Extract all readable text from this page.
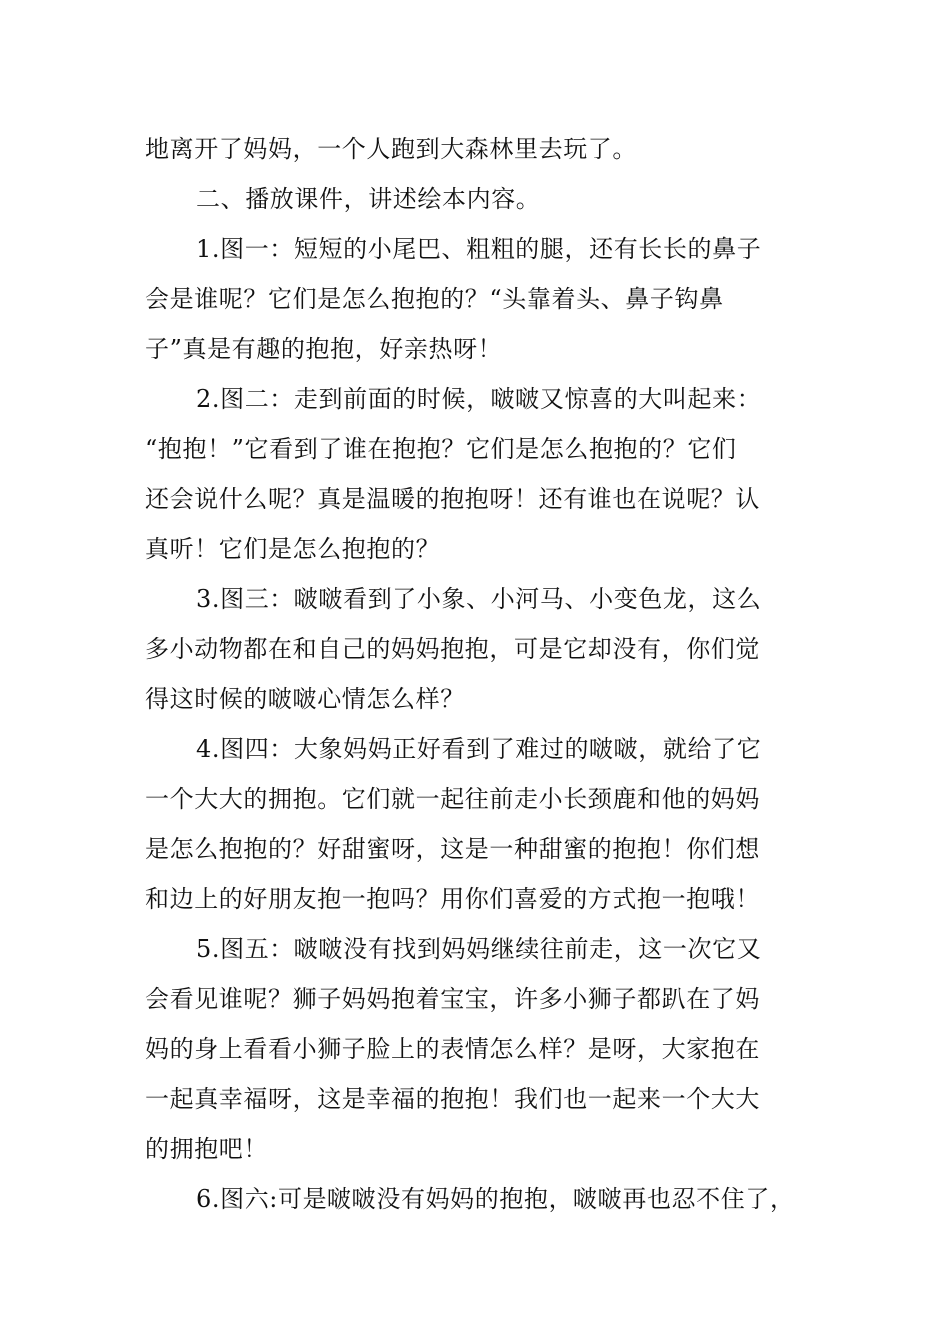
地离开了妈妈，一个人跑到大森林里去玩了。
二、播放课件，讲述绘本内容。
1.图一：短短的小尾巴、粗粗的腿，还有长长的鼻子
会是谁呢？它们是怎么抱抱的？“头靠着头、鼻子钩鼻
子”真是有趣的抱抱，好亲热呀！
2.图二：走到前面的时候，啵啵又惊喜的大叫起来：
“抱抱！”它看到了谁在抱抱？它们是怎么抱抱的？它们
还会说什么呢？真是温暖的抱抱呀！还有谁也在说呢？认
真听！它们是怎么抱抱的？
3.图三：啵啵看到了小象、小河马、小变色龙，这么
多小动物都在和自己的妈妈抱抱，可是它却没有，你们觉
得这时候的啵啵心情怎么样？
4.图四：大象妈妈正好看到了难过的啵啵，就给了它
一个大大的拥抱。它们就一起往前走小长颈鹿和他的妈妈
是怎么抱抱的？好甜蜜呀，这是一种甜蜜的抱抱！你们想
和边上的好朋友抱一抱吗？用你们喜爱的方式抱一抱哦！
5.图五：啵啵没有找到妈妈继续往前走，这一次它又
会看见谁呢？狮子妈妈抱着宝宝，许多小狮子都趴在了妈
妈的身上看看小狮子脸上的表情怎么样？是呀，大家抱在
一起真幸福呀，这是幸福的抱抱！我们也一起来一个大大
的拥抱吧！
6.图六:可是啵啵没有妈妈的抱抱，啵啵再也忍不住了，
